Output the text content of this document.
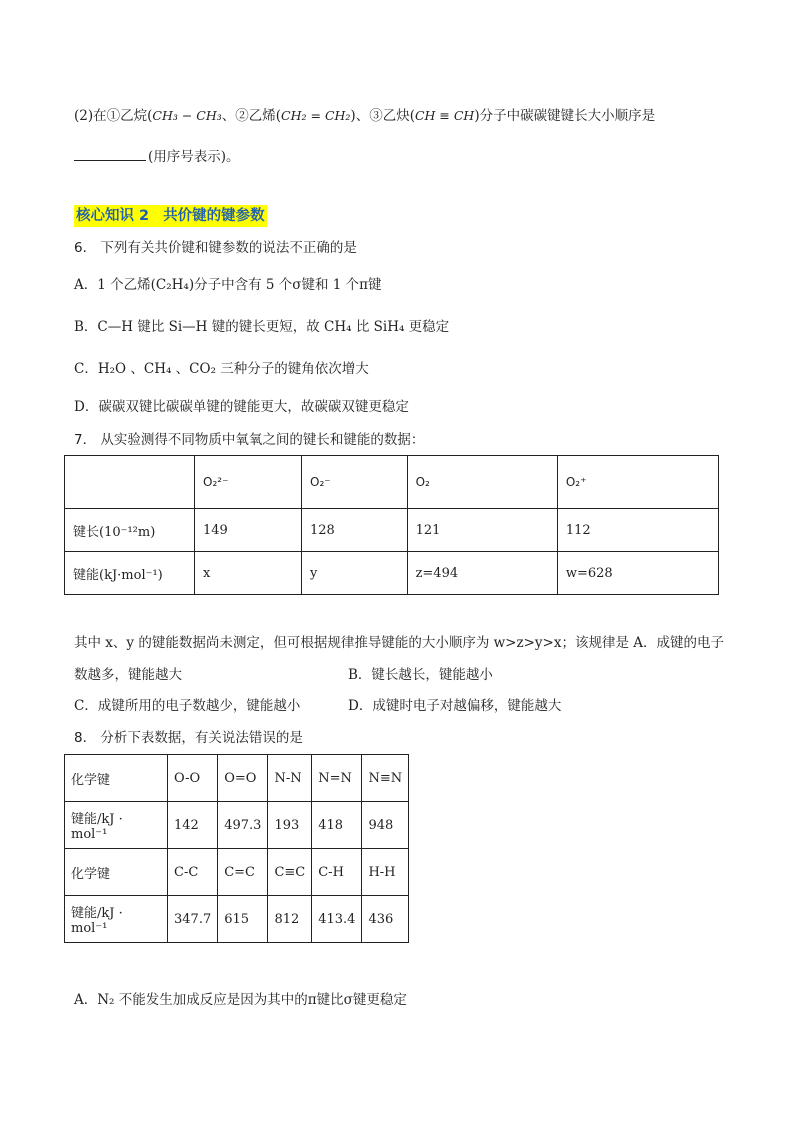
(2)在①乙烷(CH₃ − CH₃、②乙烯(CH₂ = CH₂)、③乙炔(CH ≡ CH)分子中碳碳键键长大小顺序是
(用序号表示)。
核心知识 2 共价键的键参数
6． 下列有关共价键和键参数的说法不正确的是
A．1 个乙烯(C₂H₄)分子中含有 5 个σ键和 1 个π键
B．C—H 键比 Si—H 键的键长更短，故 CH₄ 比 SiH₄ 更稳定
C．H₂O 、CH₄ 、CO₂ 三种分子的键角依次增大
D．碳碳双键比碳碳单键的键能更大，故碳碳双键更稳定
7． 从实验测得不同物质中氧氧之间的键长和键能的数据：
	O₂²⁻	O₂⁻	O₂	O₂⁺
键长(10⁻¹²m)	149	128	121	112
键能(kJ·mol⁻¹)	x	y	z=494	w=628
其中 x、y 的键能数据尚未测定，但可根据规律推导键能的大小顺序为 w>z>y>x；该规律是 A．成键的电子
数越多，键能越大	B．键长越长，键能越小
C．成键所用的电子数越少，键能越小	D．成键时电子对越偏移，键能越大
8． 分析下表数据，有关说法错误的是
化学键	O-O	O=O	N-N	N=N	N≡N
键能/kJ · mol⁻¹	142	497.3	193	418	948
化学键	C-C	C=C	C≡C	C-H	H-H
键能/kJ · mol⁻¹	347.7	615	812	413.4	436
A．N₂ 不能发生加成反应是因为其中的π键比σ键更稳定
